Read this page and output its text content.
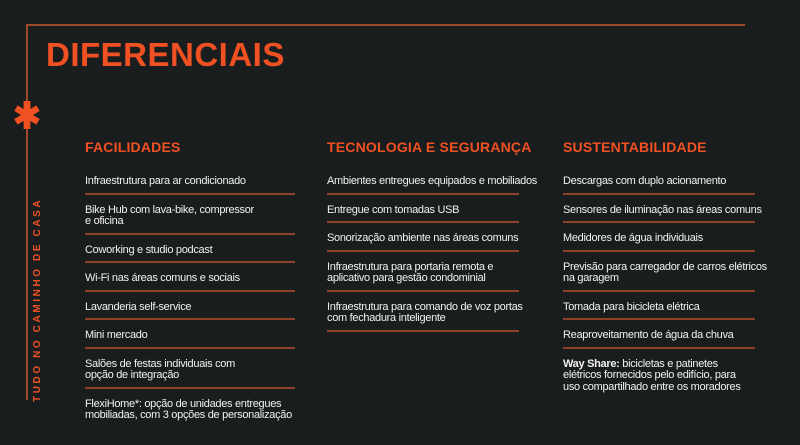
TUDO NO CAMINHO DE CASA
DIFERENCIAIS
FACILIDADES
Infraestrutura para ar condicionado
Bike Hub com lava-bike, compressor
e oficina
Coworking e studio podcast
Wi-Fi nas áreas comuns e sociais
Lavanderia self-service
Mini mercado
Salões de festas individuais com
opção de integração
FlexiHome*: opção de unidades entregues
mobiliadas, com 3 opções de personalização
TECNOLOGIA E SEGURANÇA
Ambientes entregues equipados e mobiliados
Entregue com tomadas USB
Sonorização ambiente nas áreas comuns
Infraestrutura para portaria remota e
aplicativo para gestão condominial
Infraestrutura para comando de voz portas
com fechadura inteligente
SUSTENTABILIDADE
Descargas com duplo acionamento
Sensores de iluminação nas áreas comuns
Medidores de água individuais
Previsão para carregador de carros elétricos
na garagem
Tomada para bicicleta elétrica
Reaproveitamento de água da chuva
Way Share: bicicletas e patinetes
elétricos fornecidos pelo edifício, para
uso compartilhado entre os moradores
